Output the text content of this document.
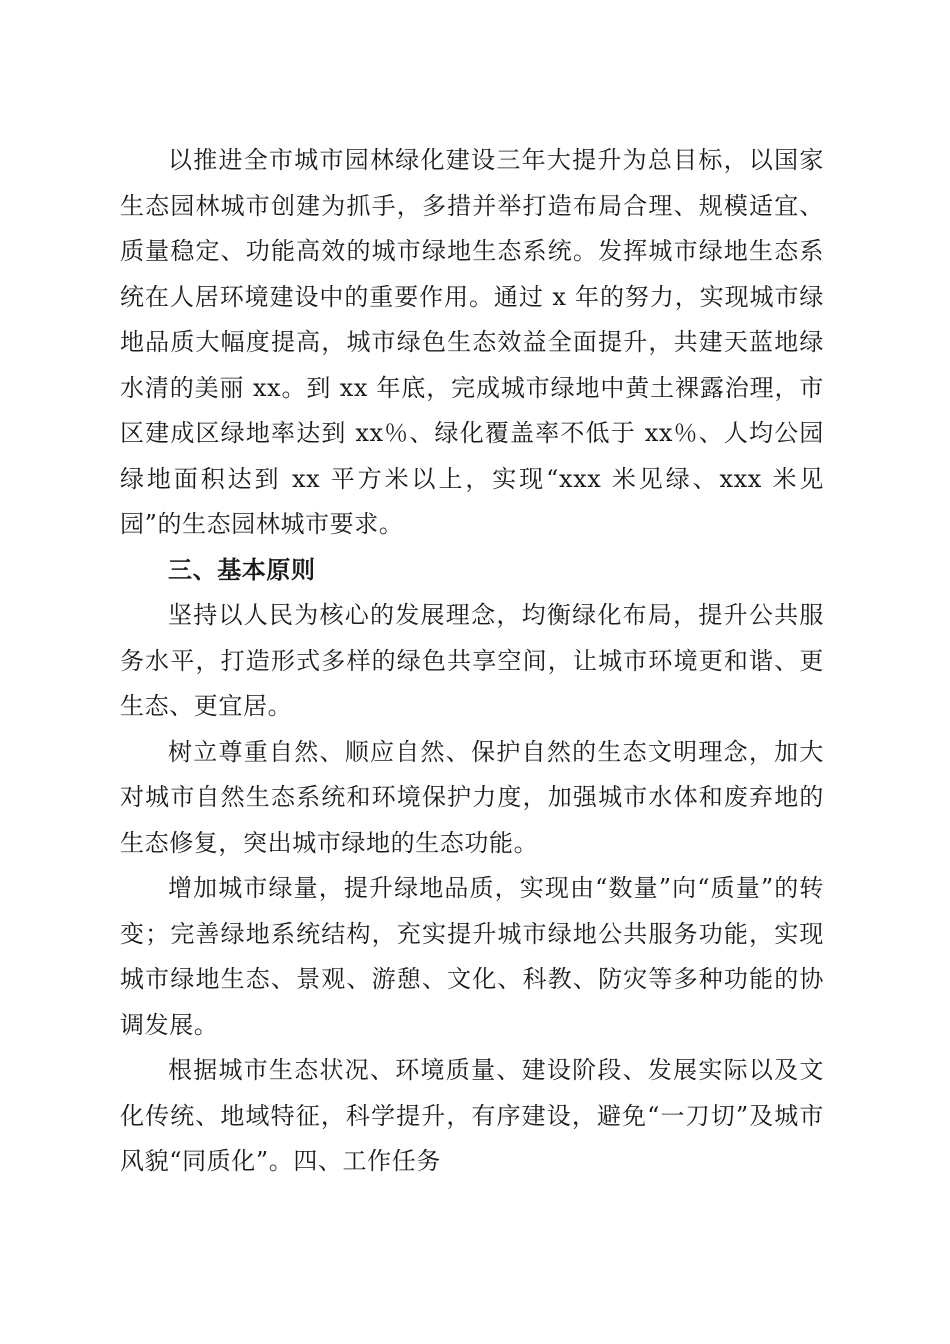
以推进全市城市园林绿化建设三年大提升为总目标，以国家生态园林城市创建为抓手，多措并举打造布局合理、规模适宜、质量稳定、功能高效的城市绿地生态系统。发挥城市绿地生态系统在人居环境建设中的重要作用。通过 x 年的努力，实现城市绿地品质大幅度提高，城市绿色生态效益全面提升，共建天蓝地绿水清的美丽 xx。到 xx 年底，完成城市绿地中黄土裸露治理，市区建成区绿地率达到 xx％、绿化覆盖率不低于 xx％、人均公园绿地面积达到 xx 平方米以上，实现“xxx 米见绿、xxx 米见园”的生态园林城市要求。

三、基本原则

坚持以人民为核心的发展理念，均衡绿化布局，提升公共服务水平，打造形式多样的绿色共享空间，让城市环境更和谐、更生态、更宜居。

树立尊重自然、顺应自然、保护自然的生态文明理念，加大对城市自然生态系统和环境保护力度，加强城市水体和废弃地的生态修复，突出城市绿地的生态功能。

增加城市绿量，提升绿地品质，实现由“数量”向“质量”的转变；完善绿地系统结构，充实提升城市绿地公共服务功能，实现城市绿地生态、景观、游憩、文化、科教、防灾等多种功能的协调发展。

根据城市生态状况、环境质量、建设阶段、发展实际以及文化传统、地域特征，科学提升，有序建设，避免“一刀切”及城市风貌“同质化”。四、工作任务
